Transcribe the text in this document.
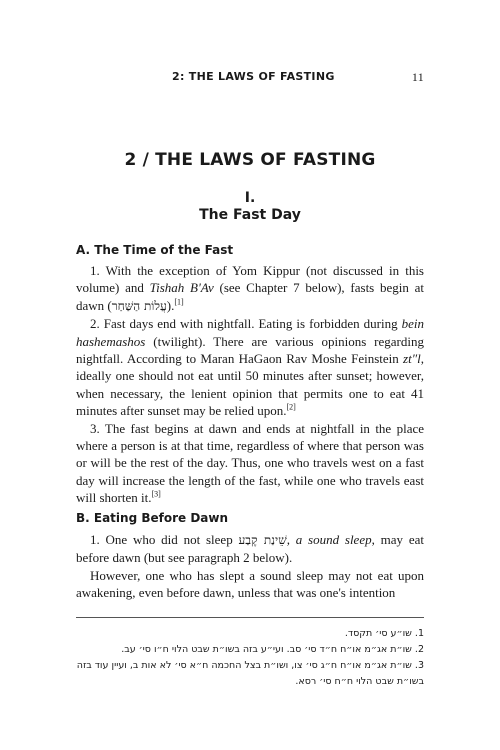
2: THE LAWS OF FASTING	11
2 / THE LAWS OF FASTING
I.
The Fast Day
A. The Time of the Fast

1. With the exception of Yom Kippur (not discussed in this volume) and Tishah B'Av (see Chapter 7 below), fasts begin at dawn (עֲלוֹת הַשַּׁחַר).[1]

2. Fast days end with nightfall. Eating is forbidden during bein hashemashos (twilight). There are various opinions regarding nightfall. According to Maran HaGaon Rav Moshe Feinstein zt″l, ideally one should not eat until 50 minutes after sunset; however, when necessary, the lenient opinion that permits one to eat 41 minutes after sunset may be relied upon.[2]

3. The fast begins at dawn and ends at nightfall in the place where a person is at that time, regardless of where that person was or will be the rest of the day. Thus, one who travels west on a fast day will increase the length of the fast, while one who travels east will shorten it.[3]

B. Eating Before Dawn

1. One who did not sleep שֵׁינַת קֶבַע, a sound sleep, may eat before dawn (but see paragraph 2 below).

However, one who has slept a sound sleep may not eat upon awakening, even before dawn, unless that was one's intention

1. שו״ע סי׳ תקסד.
2. שו״ת אג״מ או״ח ח״ד סי׳ סב. ועי״ע בזה בשו״ת שבט הלוי ח״ו סי׳ עב.
3. שו״ת אג״מ או״ח ח״ג סי׳ צו, ושו״ת בצל החכמה ח״א סי׳ לא אות ב, ועיין עוד בזה בשו״ת שבט הלוי ח״ח סי׳ רסא.
